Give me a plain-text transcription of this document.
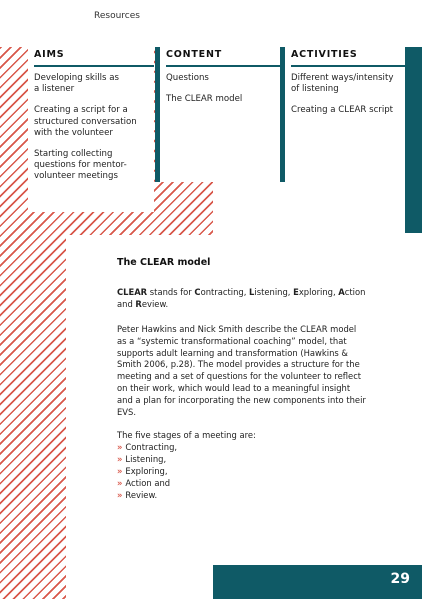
Resources
AIMS
Developing skills as a listener
Creating a script for a structured conversation with the volunteer
Starting collecting questions for mentor-volunteer meetings
CONTENT
Questions
The CLEAR model
ACTIVITIES
Different ways/intensity of listening
Creating a CLEAR script
The CLEAR model

CLEAR stands for Contracting, Listening, Exploring, Action and Review.

Peter Hawkins and Nick Smith describe the CLEAR model as a “systemic transformational coaching” model, that supports adult learning and transformation (Hawkins & Smith 2006, p.28). The model provides a structure for the meeting and a set of questions for the volunteer to reflect on their work, which would lead to a meaningful insight and a plan for incorporating the new components into their EVS.

The five stages of a meeting are:

» Contracting,
» Listening,
» Exploring,
» Action and
» Review.
29
